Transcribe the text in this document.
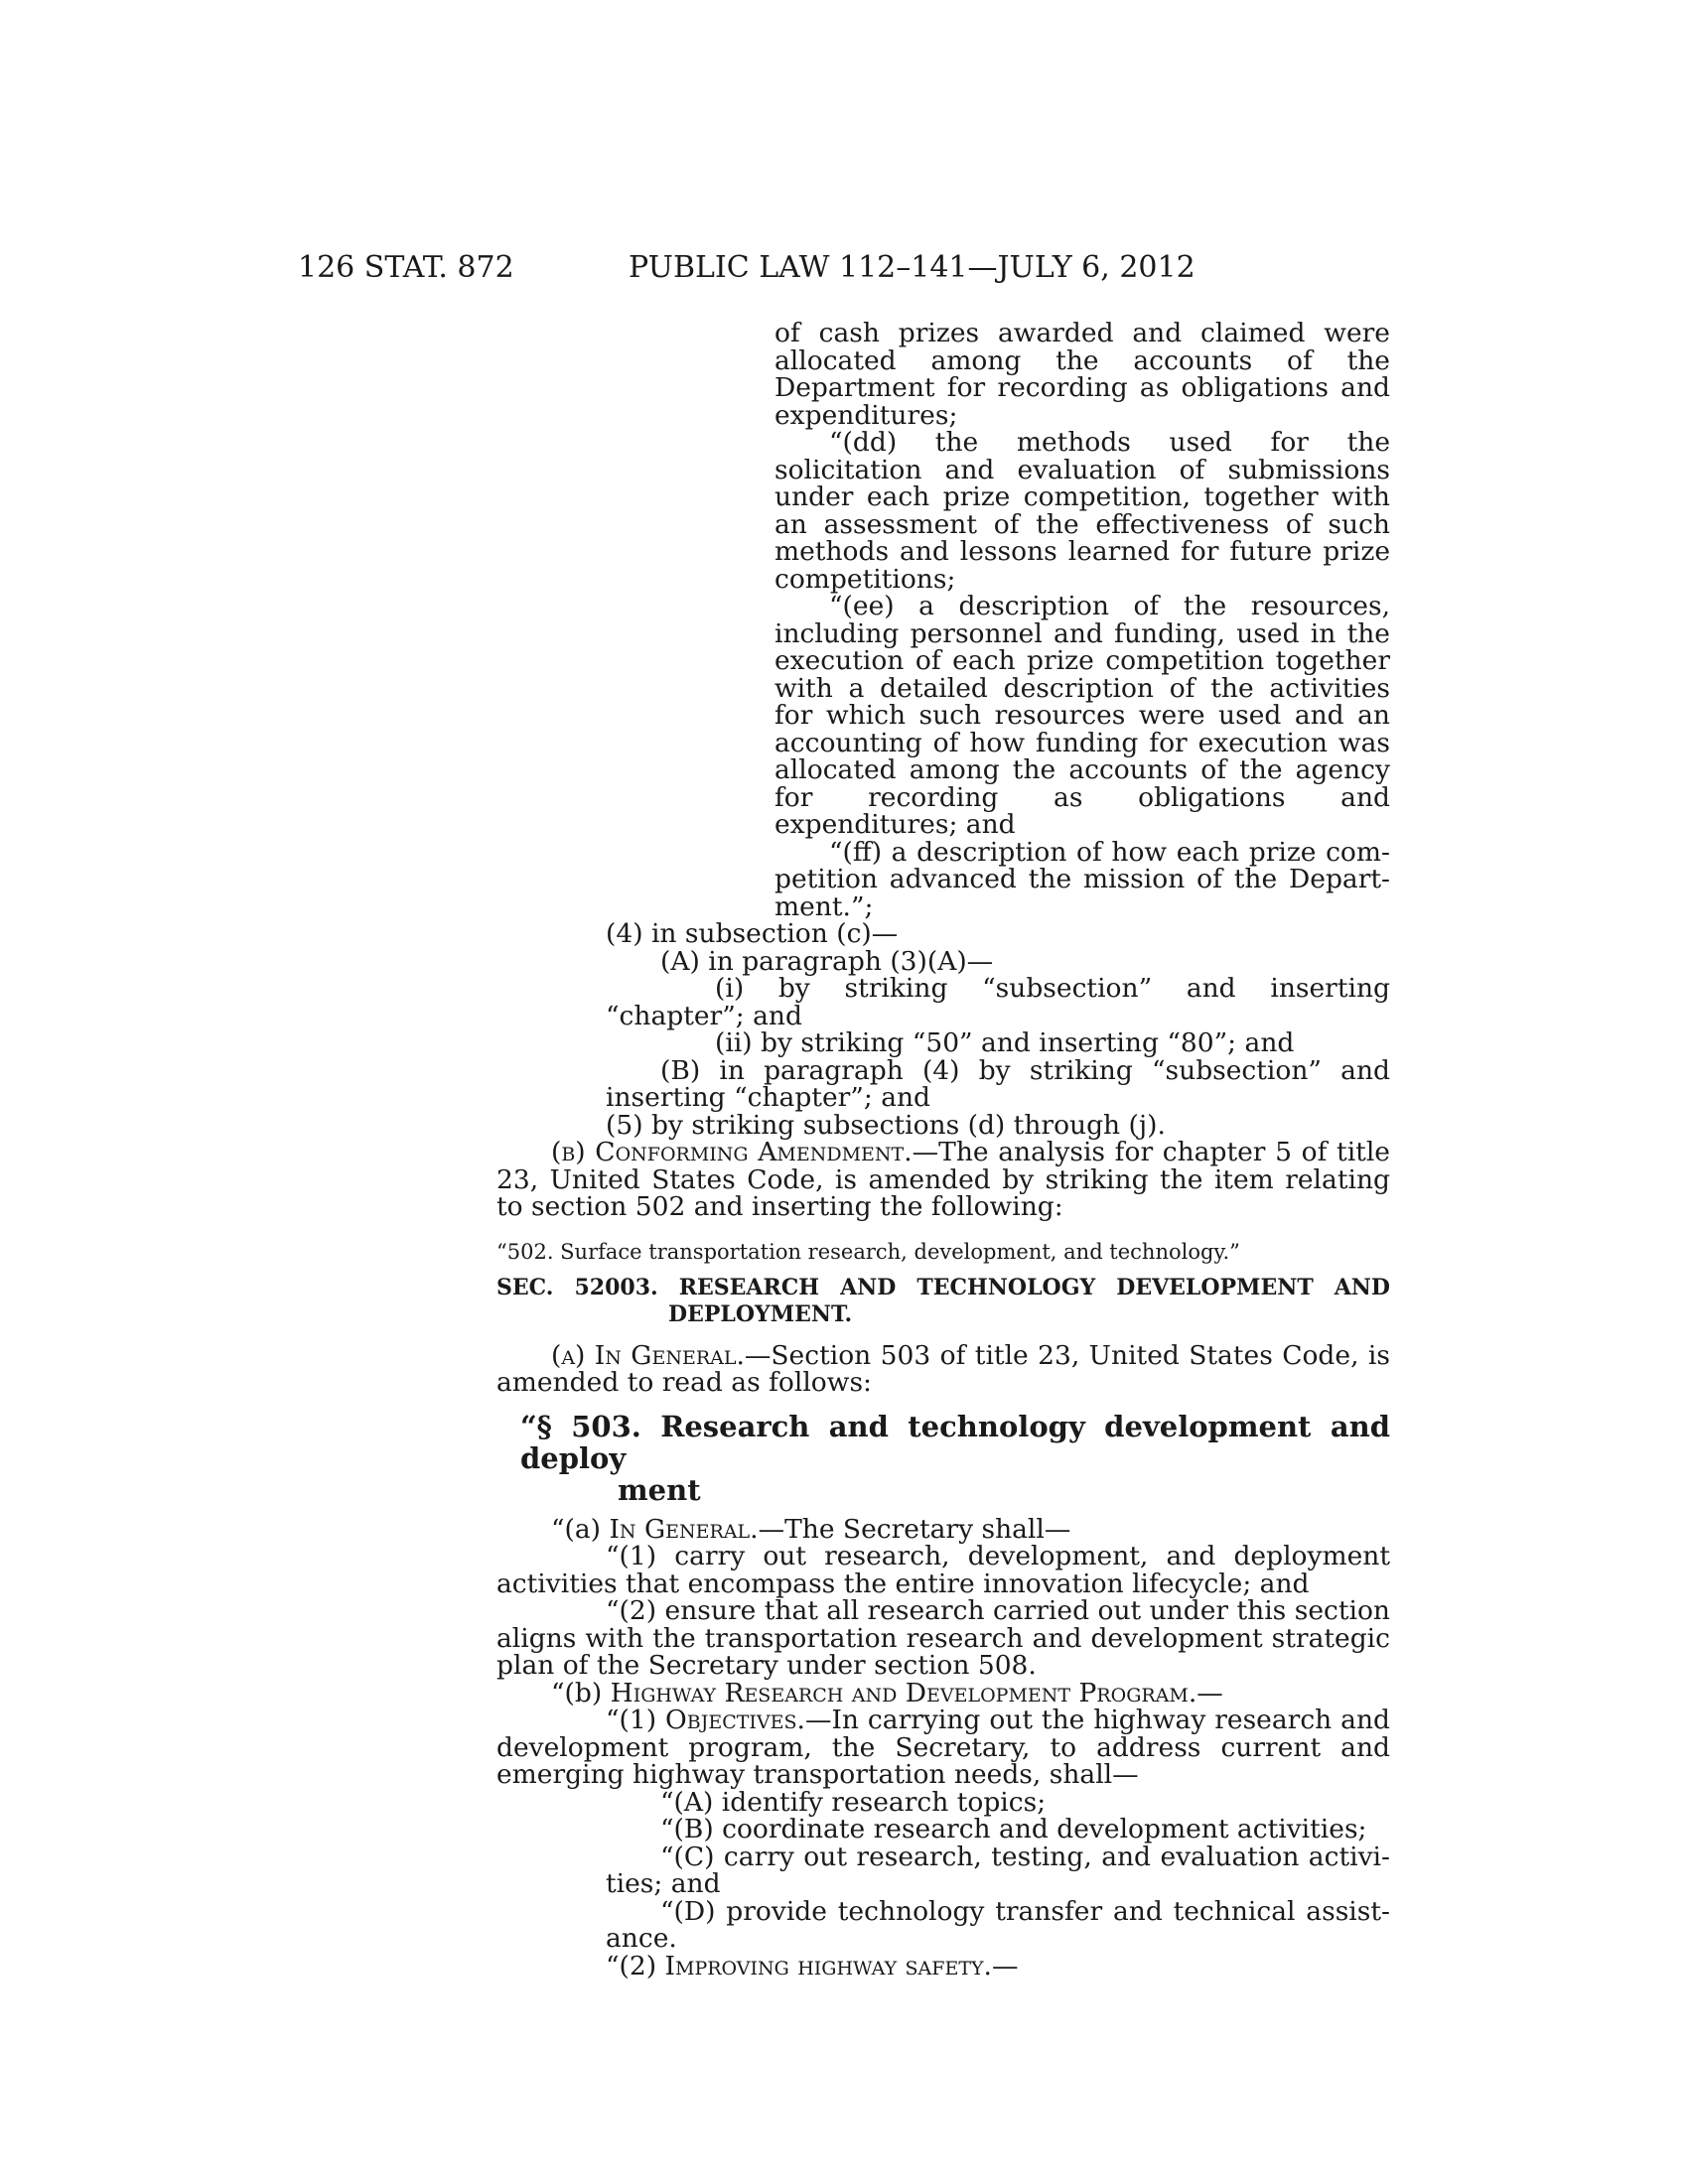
126 STAT. 872	PUBLIC LAW 112–141—JULY 6, 2012

of cash prizes awarded and claimed were allocated among the accounts of the Department for recording as obligations and expenditures;

“(dd) the methods used for the solicitation and evaluation of submissions under each prize competition, together with an assessment of the effectiveness of such methods and lessons learned for future prize competitions;

“(ee) a description of the resources, including personnel and funding, used in the execution of each prize competition together with a detailed description of the activities for which such resources were used and an accounting of how funding for execution was allocated among the accounts of the agency for recording as obligations and expenditures; and

“(ff) a description of how each prize competition advanced the mission of the Department.”;

(4) in subsection (c)—

(A) in paragraph (3)(A)—

(i) by striking “subsection” and inserting “chapter”; and

(ii) by striking “50” and inserting “80”; and

(B) in paragraph (4) by striking “subsection” and inserting “chapter”; and

(5) by striking subsections (d) through (j).

(b) Conforming Amendment.—The analysis for chapter 5 of title 23, United States Code, is amended by striking the item relating to section 502 and inserting the following:

“502. Surface transportation research, development, and technology.”

SEC. 52003. RESEARCH AND TECHNOLOGY DEVELOPMENT AND
DEPLOYMENT.

(a) In General.—Section 503 of title 23, United States Code, is amended to read as follows:

“§ 503. Research and technology development and deploy
ment

“(a) In General.—The Secretary shall—

“(1) carry out research, development, and deployment activities that encompass the entire innovation lifecycle; and

“(2) ensure that all research carried out under this section aligns with the transportation research and development strategic plan of the Secretary under section 508.

“(b) Highway Research and Development Program.—

“(1) Objectives.—In carrying out the highway research and development program, the Secretary, to address current and emerging highway transportation needs, shall—

“(A) identify research topics;

“(B) coordinate research and development activities;

“(C) carry out research, testing, and evaluation activities; and

“(D) provide technology transfer and technical assistance.

“(2) Improving highway safety.—
